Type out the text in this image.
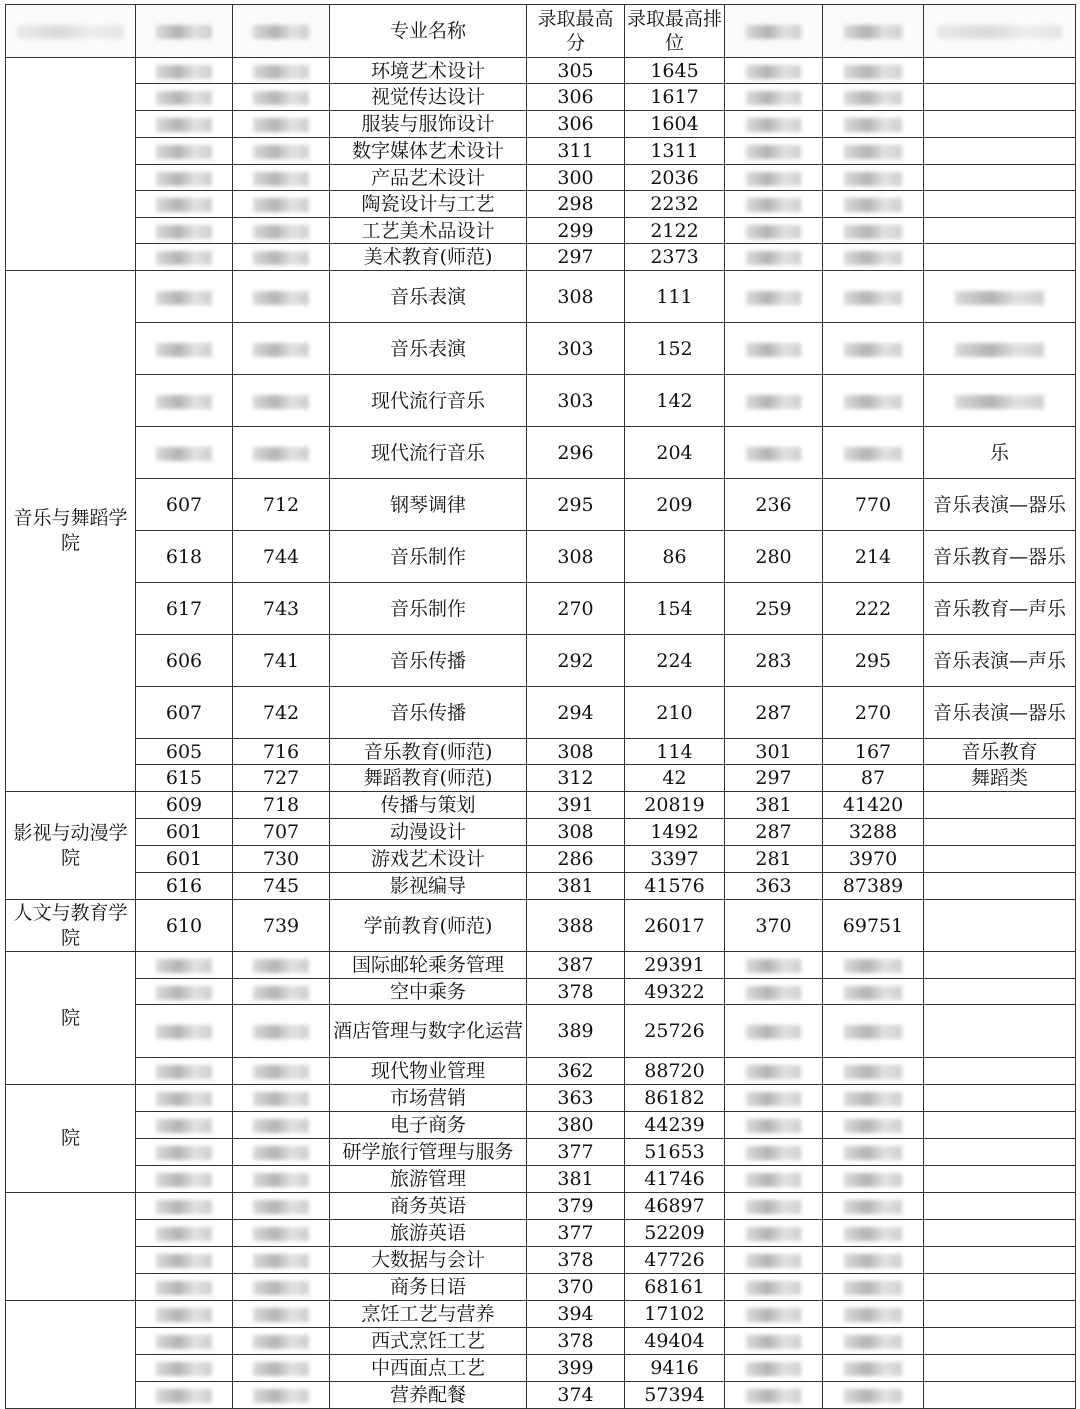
			专业名称	录取最高分	录取最高排位			
			环境艺术设计	305	1645			
			视觉传达设计	306	1617			
			服装与服饰设计	306	1604			
			数字媒体艺术设计	311	1311			
			产品艺术设计	300	2036			
			陶瓷设计与工艺	298	2232			
			工艺美术品设计	299	2122			
			美术教育(师范)	297	2373			
音乐与舞蹈学院			音乐表演	308	111			
			音乐表演	303	152			
			现代流行音乐	303	142			
			现代流行音乐	296	204			乐
	607	712	钢琴调律	295	209	236	770	音乐表演—器乐
	618	744	音乐制作	308	86	280	214	音乐教育—器乐
	617	743	音乐制作	270	154	259	222	音乐教育—声乐
	606	741	音乐传播	292	224	283	295	音乐表演—声乐
	607	742	音乐传播	294	210	287	270	音乐表演—器乐
	605	716	音乐教育(师范)	308	114	301	167	音乐教育
	615	727	舞蹈教育(师范)	312	42	297	87	舞蹈类
影视与动漫学院	609	718	传播与策划	391	20819	381	41420	
	601	707	动漫设计	308	1492	287	3288	
	601	730	游戏艺术设计	286	3397	281	3970	
	616	745	影视编导	381	41576	363	87389	
人文与教育学院	610	739	学前教育(师范)	388	26017	370	69751	
院			国际邮轮乘务管理	387	29391			
			空中乘务	378	49322			
			酒店管理与数字化运营	389	25726			
			现代物业管理	362	88720			
院			市场营销	363	86182			
			电子商务	380	44239			
			研学旅行管理与服务	377	51653			
			旅游管理	381	41746			
			商务英语	379	46897			
			旅游英语	377	52209			
			大数据与会计	378	47726			
			商务日语	370	68161			
			烹饪工艺与营养	394	17102			
			西式烹饪工艺	378	49404			
			中西面点工艺	399	9416			
			营养配餐	374	57394			
